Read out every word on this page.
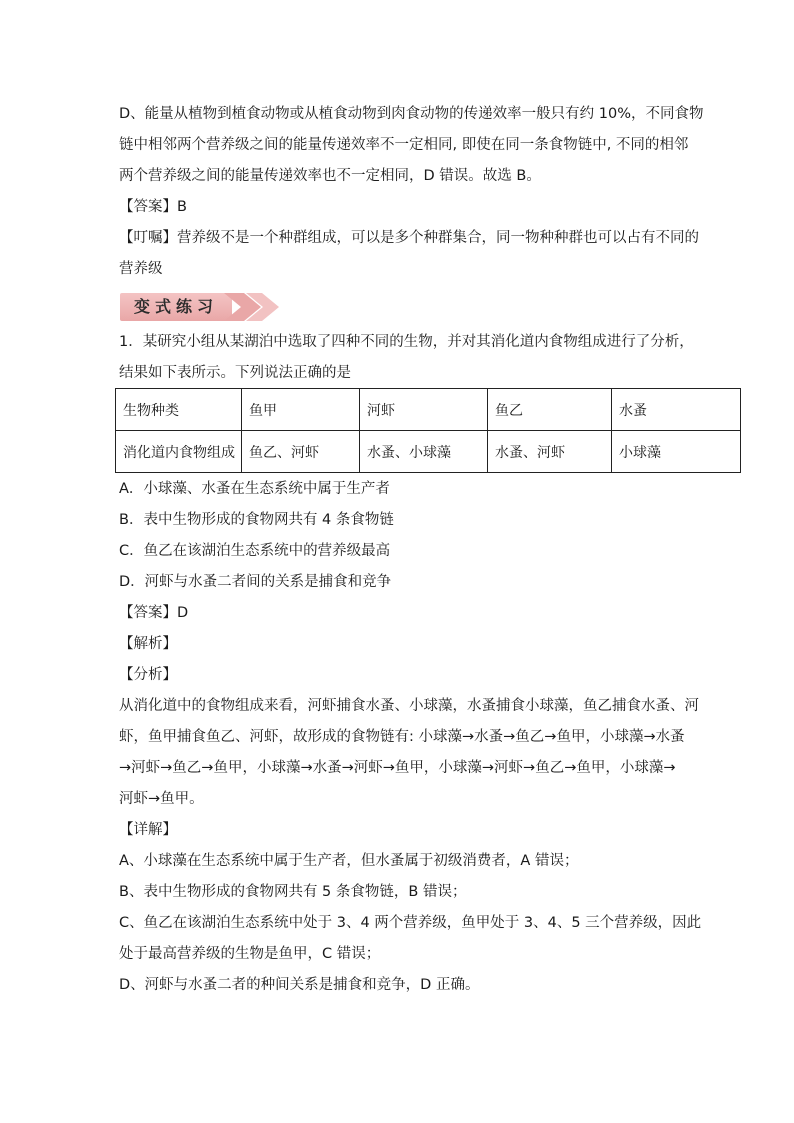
D、能量从植物到植食动物或从植食动物到肉食动物的传递效率一般只有约 10%，不同食物

链中相邻两个营养级之间的能量传递效率不一定相同, 即使在同一条食物链中, 不同的相邻

两个营养级之间的能量传递效率也不一定相同，D 错误。故选 B。

【答案】B

【叮嘱】营养级不是一个种群组成，可以是多个种群集合，同一物种种群也可以占有不同的

营养级

变式练习

1．某研究小组从某湖泊中选取了四种不同的生物，并对其消化道内食物组成进行了分析，

结果如下表所示。下列说法正确的是

生物种类	鱼甲	河虾	鱼乙	水蚤
消化道内食物组成	鱼乙、河虾	水蚤、小球藻	水蚤、河虾	小球藻

A．小球藻、水蚤在生态系统中属于生产者

B．表中生物形成的食物网共有 4 条食物链

C．鱼乙在该湖泊生态系统中的营养级最高

D．河虾与水蚤二者间的关系是捕食和竞争

【答案】D

【解析】

【分析】

从消化道中的食物组成来看，河虾捕食水蚤、小球藻，水蚤捕食小球藻，鱼乙捕食水蚤、河

虾，鱼甲捕食鱼乙、河虾，故形成的食物链有: 小球藻→水蚤→鱼乙→鱼甲，小球藻→水蚤

→河虾→鱼乙→鱼甲，小球藻→水蚤→河虾→鱼甲，小球藻→河虾→鱼乙→鱼甲，小球藻→

河虾→鱼甲。

【详解】

A、小球藻在生态系统中属于生产者，但水蚤属于初级消费者，A 错误；

B、表中生物形成的食物网共有 5 条食物链，B 错误；

C、鱼乙在该湖泊生态系统中处于 3、4 两个营养级，鱼甲处于 3、4、5 三个营养级，因此

处于最高营养级的生物是鱼甲，C 错误；

D、河虾与水蚤二者的种间关系是捕食和竞争，D 正确。
